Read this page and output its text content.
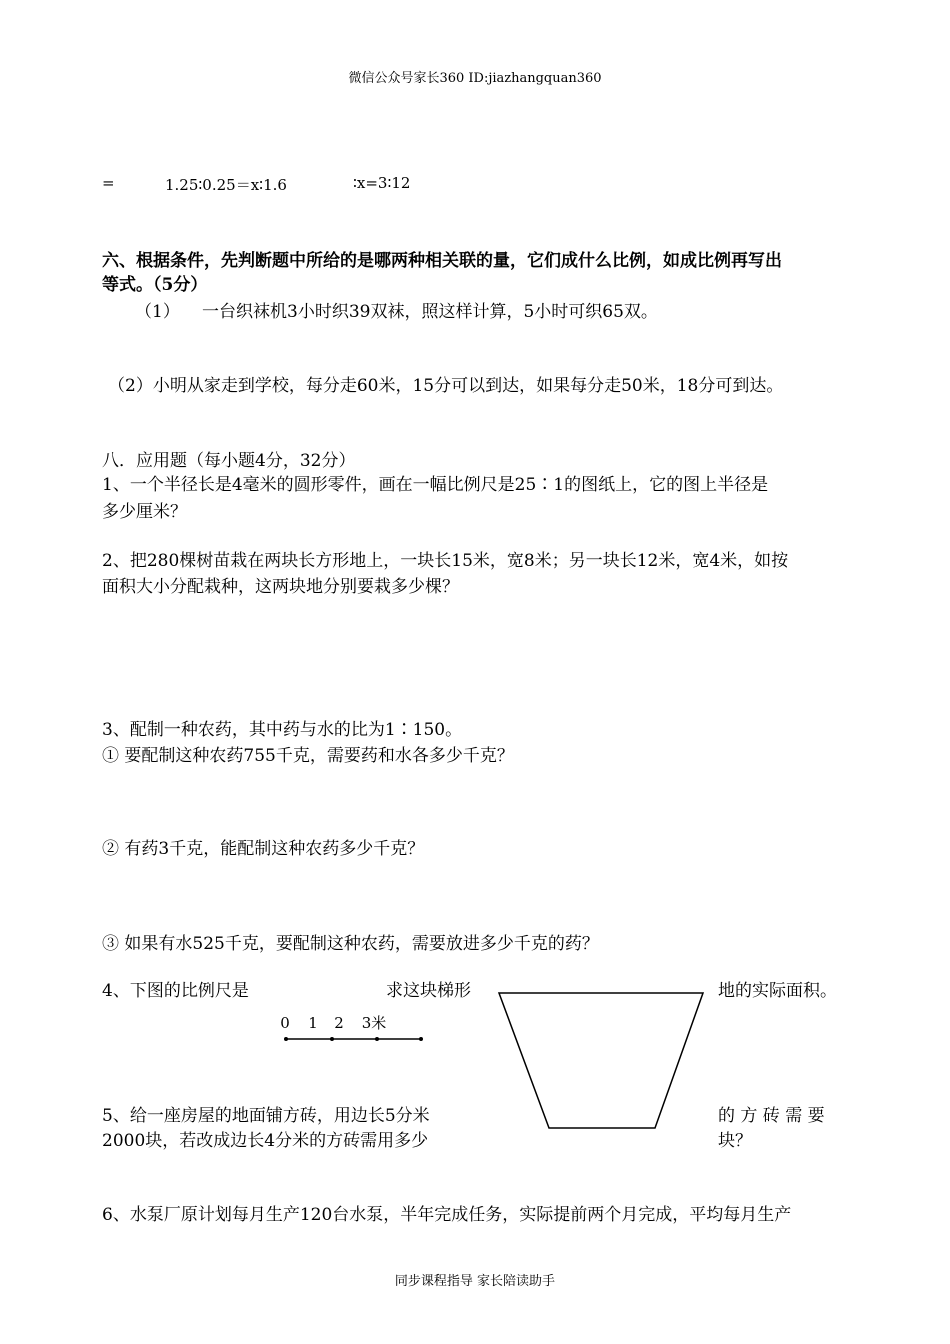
微信公众号家长360 ID:jiazhangquan360
=	1.25∶0.25＝x∶1.6	∶x=3∶12
六、根据条件，先判断题中所给的是哪两种相关联的量，它们成什么比例，如成比例再写出
等式。（5分）
（1） 一台织袜机3小时织39双袜，照这样计算，5小时可织65双。
（2）小明从家走到学校，每分走60米，15分可以到达，如果每分走50米，18分可到达。
八．应用题（每小题4分，32分）
1、一个半径长是4毫米的圆形零件，画在一幅比例尺是25∶1的图纸上，它的图上半径是
多少厘米？
2、把280棵树苗栽在两块长方形地上，一块长15米，宽8米；另一块长12米，宽4米，如按
面积大小分配栽种，这两块地分别要栽多少棵？
3、配制一种农药，其中药与水的比为1∶150。
① 要配制这种农药755千克，需要药和水各多少千克？
② 有药3千克，能配制这种农药多少千克？
③ 如果有水525千克，要配制这种农药，需要放进多少千克的药？
4、下图的比例尺是	求这块梯形	地的实际面积。
0 1 2 3米
5、给一座房屋的地面铺方砖，用边长5分米	的 方 砖 需 要
2000块，若改成边长4分米的方砖需用多少	块？
6、水泵厂原计划每月生产120台水泵，半年完成任务，实际提前两个月完成，平均每月生产
同步课程指导 家长陪读助手
